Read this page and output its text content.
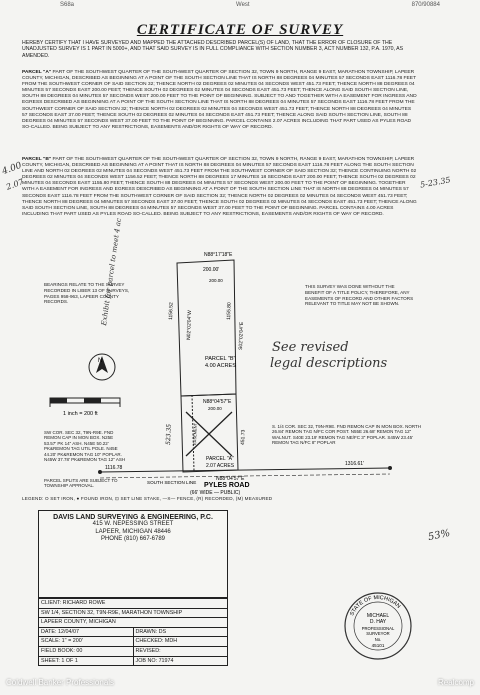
S68a	West	870/90884
CERTIFICATE OF SURVEY
HEREBY CERTIFY THAT I HAVE SURVEYED AND MAPPED THE ATTACHED DESCRIBED PARCEL(S) OF LAND, THAT THE ERROR OF CLOSURE OF THE UNADJUSTED SURVEY IS 1 PART IN 5000+, AND THAT SAID SURVEY IS IN FULL COMPLIANCE WITH SECTION NUMBER 3, ACT NUMBER 132, P.A. 1970, AS AMENDED.
PARCEL "A" PART OF THE SOUTHWEST QUARTER OF THE SOUTHWEST QUARTER OF SECTION 32, TOWN 9 NORTH, RANGE 9 EAST, MARATHON TOWNSHIP, LAPEER COUNTY, MICHIGAN, DESCRIBED AS BEGINNING AT A POINT OF THE SOUTH SECTION LINE THAT IS NORTH 88 DEGREES 04 MINUTES 57 SECONDS EAST 1116.78 FEET FROM THE SOUTHWEST CORNER OF SAID SECTION 32; THENCE NORTH 02 DEGREES 02 MINUTES 04 SECONDS WEST 451.73 FEET; THENCE NORTH 88 DEGREES 04 MINUTES 57 SECONDS EAST 200.00 FEET; THENCE SOUTH 02 DEGREES 02 MINUTES 04 SECONDS EAST 451.73 FEET; THENCE ALONG SAID SOUTH SECTION LINE, SOUTH 88 DEGREES 04 MINUTES 57 SECONDS WEST 200.00 FEET TO THE POINT OF BEGINNING. SUBJECT TO AND TOGETHER WITH A EASEMENT FOR INGRESS AND EGRESS DESCRIBED AS BEGINNING AT A POINT OF THE SOUTH SECTION LINE THAT IS NORTH 88 DEGREES 04 MINUTES 57 SECONDS EAST 1116.78 FEET FROM THE SOUTHWEST CORNER OF SAID SECTION 32; THENCE NORTH 02 DEGREES 02 MINUTES 04 SECONDS WEST 451.73 FEET; THENCE NORTH 88 DEGREES 04 MINUTES 57 SECONDS EAST 37.00 FEET; THENCE SOUTH 02 DEGREES 02 MINUTES 04 SECONDS EAST 451.73 FEET; THENCE ALONG SAID SOUTH SECTION LINE, SOUTH 88 DEGREES 04 MINUTES 57 SECONDS WEST 37.00 FEET TO THE POINT OF BEGINNING. PARCEL CONTAINS 2.07 ACRES INCLUDING THAT PART USED AS PYLES ROAD SO-CALLED. BEING SUBJECT TO ANY RESTRICTIONS, EASEMENTS AND/OR RIGHTS OF WAY OF RECORD.
PARCEL "B" PART OF THE SOUTHWEST QUARTER OF THE SOUTHWEST QUARTER OF SECTION 32, TOWN 9 NORTH, RANGE 9 EAST, MARATHON TOWNSHIP, LAPEER COUNTY, MICHIGAN, DESCRIBED AS BEGINNING AT A POINT THAT IS NORTH 88 DEGREES 04 MINUTES 57 SECONDS EAST 1116.78 FEET ALONG THE SOUTH SECTION LINE AND NORTH 02 DEGREES 02 MINUTES 04 SECONDS WEST 451.73 FEET FROM THE SOUTHWEST CORNER OF SAID SECTION 32; THENCE CONTINUING NORTH 02 DEGREES 02 MINUTES 04 SECONDS WEST 1156.52 FEET; THENCE NORTH 88 DEGREES 17 MINUTES 18 SECONDS EAST 200.00 FEET; THENCE SOUTH 02 DEGREES 02 MINUTES 04 SECONDS EAST 1155.80 FEET; THENCE SOUTH 88 DEGREES 04 MINUTES 57 SECONDS WEST 200.00 FEET TO THE POINT OF BEGINNING. TOGETHER WITH A EASEMENT FOR INGRESS AND EGRESS DESCRIBED AS BEGINNING AT A POINT OF THE SOUTH SECTION LINE THAT IS NORTH 88 DEGREES 04 MINUTES 57 SECONDS EAST 1116.78 FEET FROM THE SOUTHWEST CORNER OF SAID SECTION 32; THENCE NORTH 02 DEGREES 02 MINUTES 04 SECONDS WEST 451.73 FEET; THENCE NORTH 88 DEGREES 04 MINUTES 57 SECONDS EAST 37.00 FEET; THENCE SOUTH 02 DEGREES 02 MINUTES 04 SECONDS EAST 451.73 FEET; THENCE ALONG SAID SOUTH SECTION LINE, SOUTH 88 DEGREES 04 MINUTES 57 SECONDS WEST 37.00 FEET TO THE POINT OF BEGINNING. PARCEL CONTAINS 4.00 ACRES INCLUDING THAT PART USED AS PYLES ROAD SO-CALLED. BEING SUBJECT TO ANY RESTRICTIONS, EASEMENTS AND/OR RIGHTS OF WAY OF RECORD.
4.00
2.07	5-23.35
See revised
legal descriptions
Exhibit for parcel to meet 4 ac
53%
BEARINGS RELATE TO THE SURVEY RECORDED IN LIBER 13 OF SURVEYS, PAGES 958-963, LAPEER COUNTY RECORDS.
THIS SURVEY WAS DONE WITHOUT THE BENEFIT OF A TITLE POLICY, THEREFORE, ANY EASEMENTS OF RECORD AND OTHER FACTORS RELEVANT TO TITLE MAY NOT BE SHOWN.
N
1 inch = 200 ft
N88°17'18"E
200.00'
200.00
PARCEL "B"
4.00 ACRES
N02°02'04"W	S02°02'04"E
1156.52	1155.80
N88°04'57"E
200.00
PARCEL "A"
2.07 ACRES
451.73
EASEMENT
523.35
1116.78
1316.61'
SOUTH SECTION LINE
N88°04'57"E
PYLES ROAD
(66' WIDE — PUBLIC)
SW COR. SEC 32, T9N-R9E. FND REMON CAP IN MON BOX. N25E 53.57' PK 14" ASH. N45E 50.22' PK&REMON TAG UTIL POLE. N45E 44.20' PK&REMON TAG 10" POPLAR. N45W 37.78' PK&REMON TAG 12" ASH
S. 1/4 COR. SEC 32, T9N-R9E. FND REMON CAP IN MON BOX. NORTH 26.84' REMON TAG N/FC COR POST. N55E 26.68' REMON TAG 12" WALNUT. S40E 23.19' REMON TAG NE/FC 3" POPLAR. S45W 23.45' REMON TAG N/FC 8" POPLAR
PARCEL SPLITS ARE SUBJECT TO TOWNSHIP APPROVAL.
LEGEND: O SET IRON, ● FOUND IRON, ⊡ SET LINE STAKE, —X— FENCE, (R) RECORDED, (M) MEASURED
DAVIS LAND SURVEYING & ENGINEERING, P.C.
415 W. NEPESSING STREET
LAPEER, MICHIGAN 48446
PHONE (810) 667-6789
CLIENT: RICHARD ROWE
SW 1/4, SECTION 32, T9N-R9E, MARATHON TOWNSHIP
LAPEER COUNTY, MICHIGAN
DATE: 12/04/07	DRAWN: DS
SCALE: 1" = 200'	CHECKED: MDH
FIELD BOOK: 00	REVISED:
SHEET: 1 OF 1	JOB NO: 71974
STATE OF MICHIGAN
MICHAEL
D. HAY
PROFESSIONAL
SURVEYOR
No.
45101
Coldwell Banker Professionals	Realcomp
